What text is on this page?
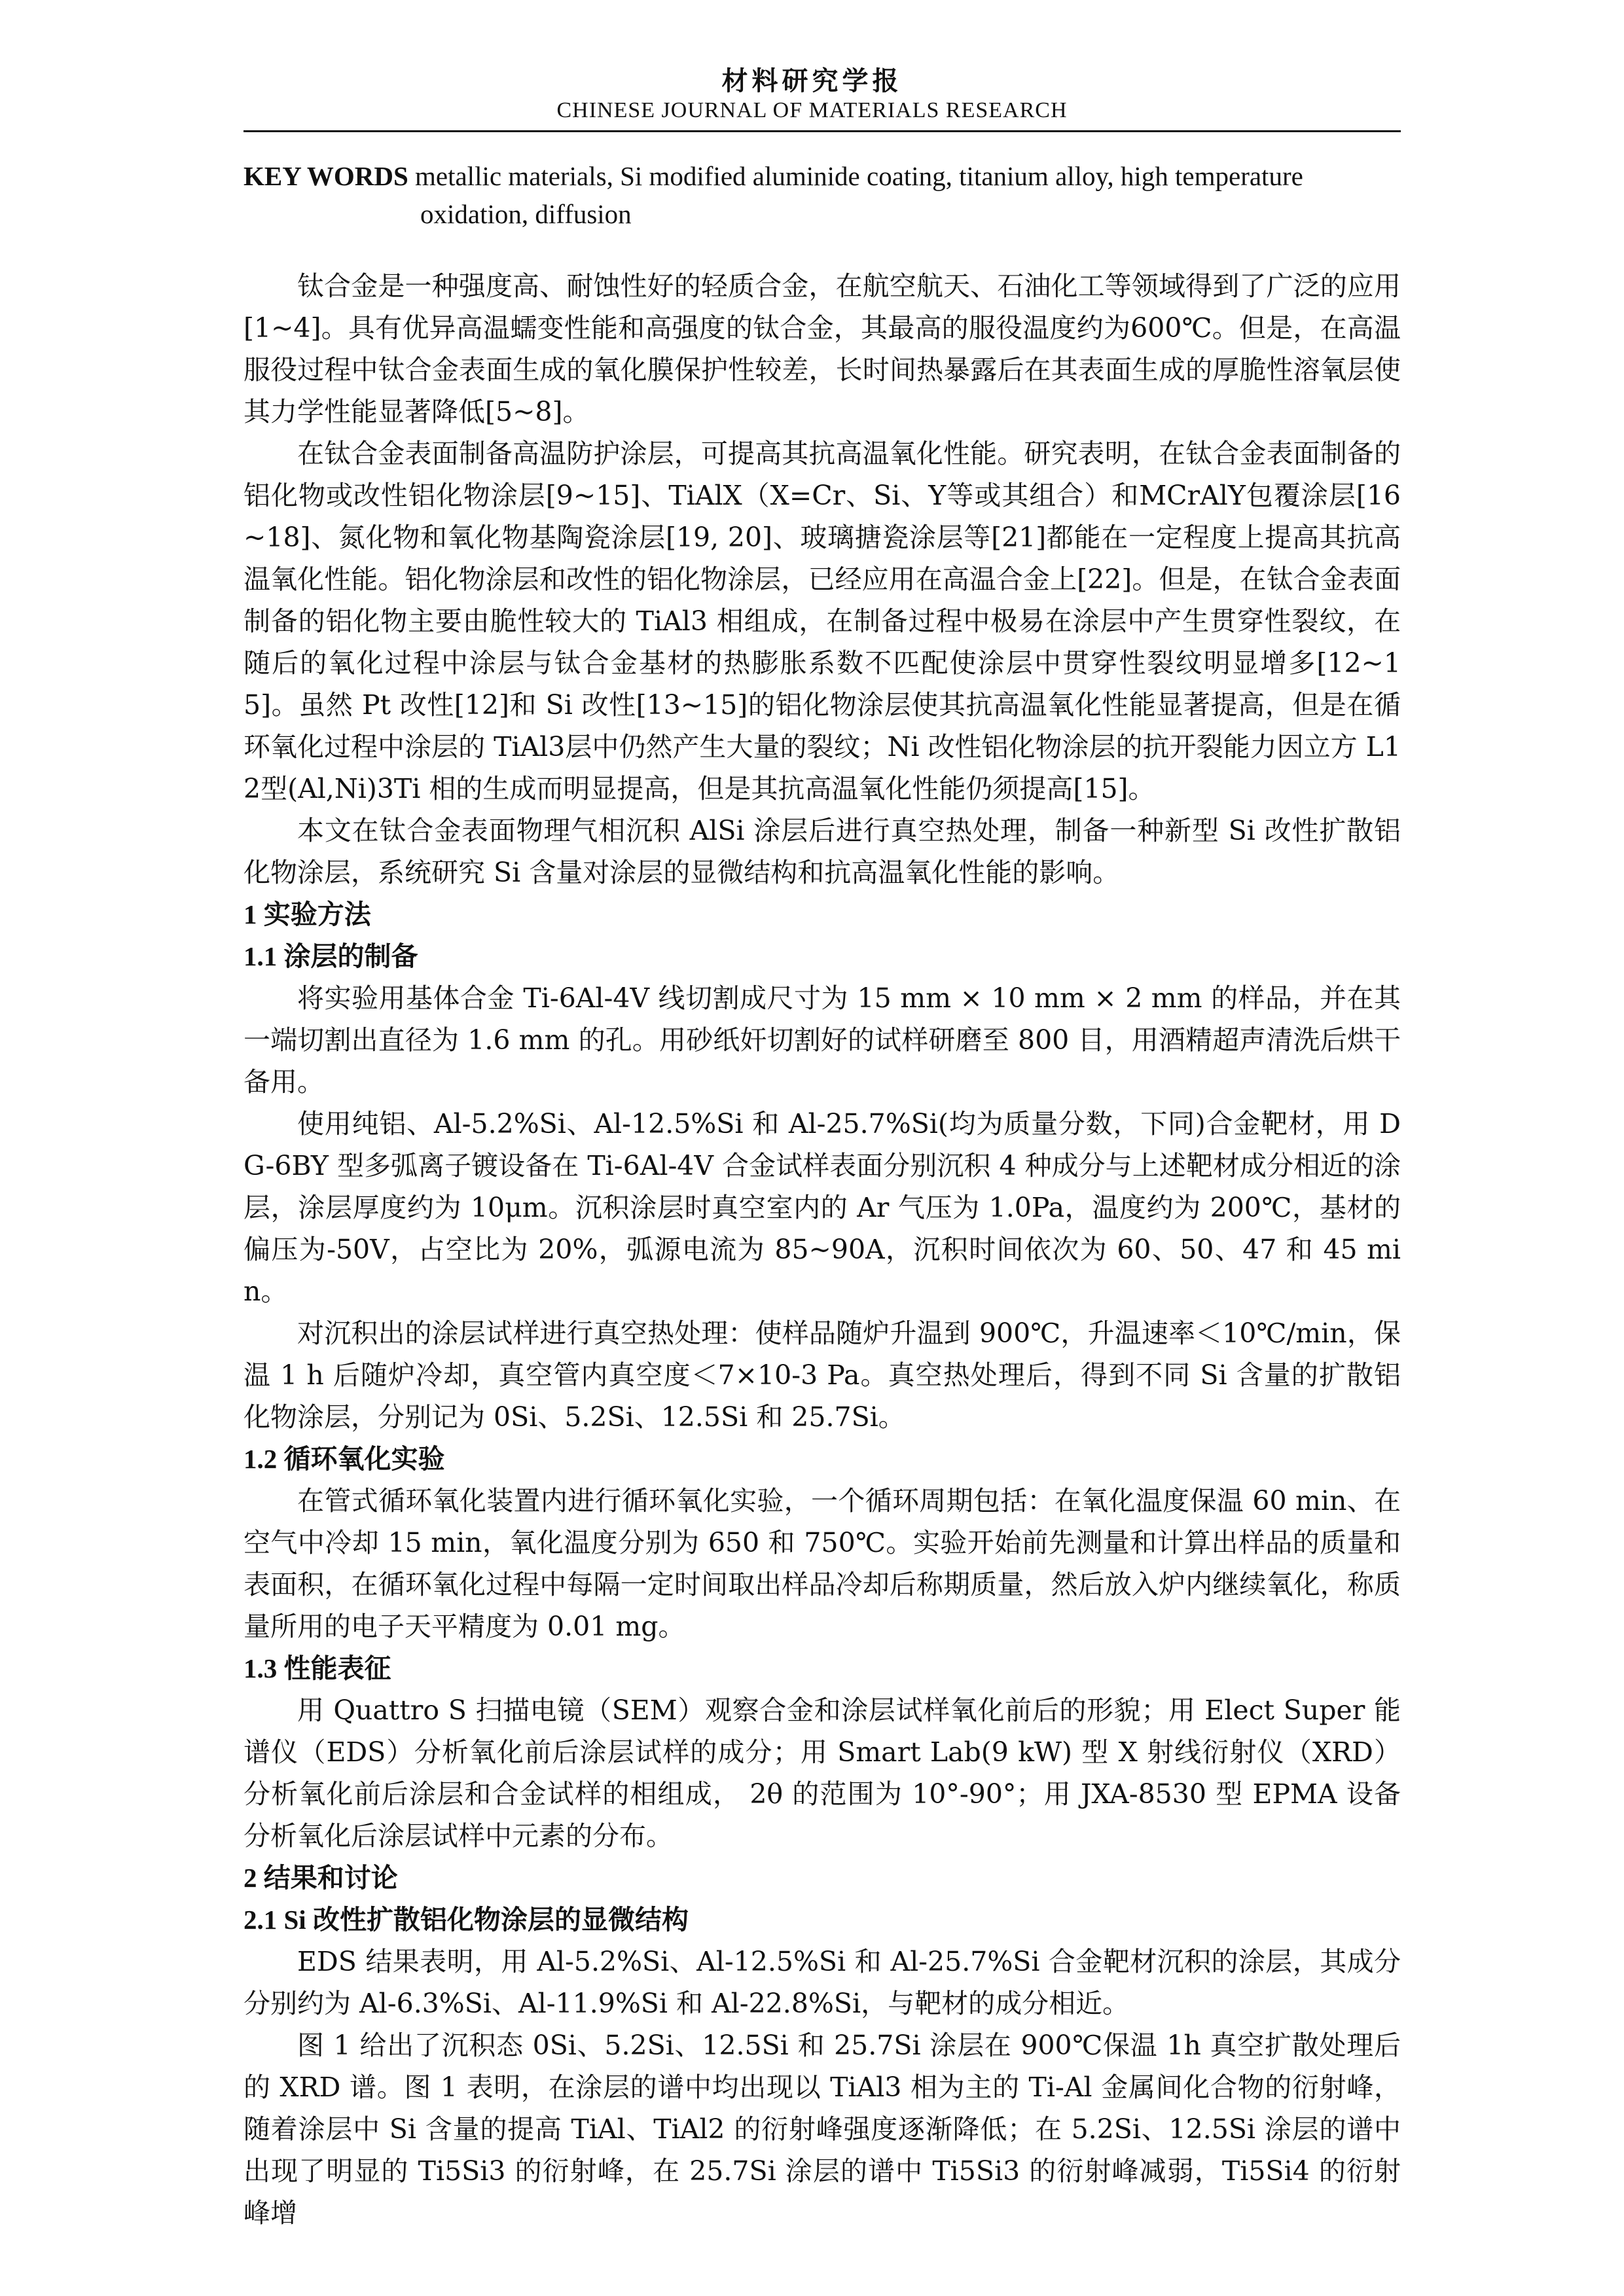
材料研究学报
CHINESE JOURNAL OF MATERIALS RESEARCH
KEY WORDS metallic materials, Si modified aluminide coating, titanium alloy, high temperature
oxidation, diffusion

钛合金是一种强度高、耐蚀性好的轻质合金，在航空航天、石油化工等领域得到了广泛的应用[1~4]。具有优异高温蠕变性能和高强度的钛合金，其最高的服役温度约为600℃。但是，在高温服役过程中钛合金表面生成的氧化膜保护性较差，长时间热暴露后在其表面生成的厚脆性溶氧层使其力学性能显著降低[5~8]。

在钛合金表面制备高温防护涂层，可提高其抗高温氧化性能。研究表明，在钛合金表面制备的铝化物或改性铝化物涂层[9~15]、TiAlX（X=Cr、Si、Y等或其组合）和MCrAlY包覆涂层[16~18]、氮化物和氧化物基陶瓷涂层[19, 20]、玻璃搪瓷涂层等[21]都能在一定程度上提高其抗高温氧化性能。铝化物涂层和改性的铝化物涂层，已经应用在高温合金上[22]。但是，在钛合金表面制备的铝化物主要由脆性较大的 TiAl3 相组成，在制备过程中极易在涂层中产生贯穿性裂纹，在随后的氧化过程中涂层与钛合金基材的热膨胀系数不匹配使涂层中贯穿性裂纹明显增多[12~15]。虽然 Pt 改性[12]和 Si 改性[13~15]的铝化物涂层使其抗高温氧化性能显著提高，但是在循环氧化过程中涂层的 TiAl3层中仍然产生大量的裂纹；Ni 改性铝化物涂层的抗开裂能力因立方 L12型(Al,Ni)3Ti 相的生成而明显提高，但是其抗高温氧化性能仍须提高[15]。

本文在钛合金表面物理气相沉积 AlSi 涂层后进行真空热处理，制备一种新型 Si 改性扩散铝化物涂层，系统研究 Si 含量对涂层的显微结构和抗高温氧化性能的影响。

1 实验方法

1.1 涂层的制备

将实验用基体合金 Ti-6Al-4V 线切割成尺寸为 15 mm × 10 mm × 2 mm 的样品，并在其一端切割出直径为 1.6 mm 的孔。用砂纸奸切割好的试样研磨至 800 目，用酒精超声清洗后烘干备用。

使用纯铝、Al-5.2%Si、Al-12.5%Si 和 Al-25.7%Si(均为质量分数，下同)合金靶材，用 DG-6BY 型多弧离子镀设备在 Ti-6Al-4V 合金试样表面分别沉积 4 种成分与上述靶材成分相近的涂层，涂层厚度约为 10μm。沉积涂层时真空室内的 Ar 气压为 1.0Pa，温度约为 200℃，基材的偏压为-50V，占空比为 20%，弧源电流为 85~90A，沉积时间依次为 60、50、47 和 45 min。

对沉积出的涂层试样进行真空热处理：使样品随炉升温到 900℃，升温速率＜10℃/min，保温 1 h 后随炉冷却，真空管内真空度＜7×10-3 Pa。真空热处理后，得到不同 Si 含量的扩散铝化物涂层，分别记为 0Si、5.2Si、12.5Si 和 25.7Si。

1.2 循环氧化实验

在管式循环氧化装置内进行循环氧化实验，一个循环周期包括：在氧化温度保温 60 min、在空气中冷却 15 min，氧化温度分别为 650 和 750℃。实验开始前先测量和计算出样品的质量和表面积，在循环氧化过程中每隔一定时间取出样品冷却后称期质量，然后放入炉内继续氧化，称质量所用的电子天平精度为 0.01 mg。

1.3 性能表征

用 Quattro S 扫描电镜（SEM）观察合金和涂层试样氧化前后的形貌；用 Elect Super 能谱仪（EDS）分析氧化前后涂层试样的成分；用 Smart Lab(9 kW) 型 X 射线衍射仪（XRD）分析氧化前后涂层和合金试样的相组成， 2θ 的范围为 10°-90°；用 JXA-8530 型 EPMA 设备分析氧化后涂层试样中元素的分布。

2 结果和讨论

2.1 Si 改性扩散铝化物涂层的显微结构

EDS 结果表明，用 Al-5.2%Si、Al-12.5%Si 和 Al-25.7%Si 合金靶材沉积的涂层，其成分分别约为 Al-6.3%Si、Al-11.9%Si 和 Al-22.8%Si，与靶材的成分相近。

图 1 给出了沉积态 0Si、5.2Si、12.5Si 和 25.7Si 涂层在 900℃保温 1h 真空扩散处理后的 XRD 谱。图 1 表明，在涂层的谱中均出现以 TiAl3 相为主的 Ti-Al 金属间化合物的衍射峰，随着涂层中 Si 含量的提高 TiAl、TiAl2 的衍射峰强度逐渐降低；在 5.2Si、12.5Si 涂层的谱中出现了明显的 Ti5Si3 的衍射峰，在 25.7Si 涂层的谱中 Ti5Si3 的衍射峰减弱，Ti5Si4 的衍射峰增
